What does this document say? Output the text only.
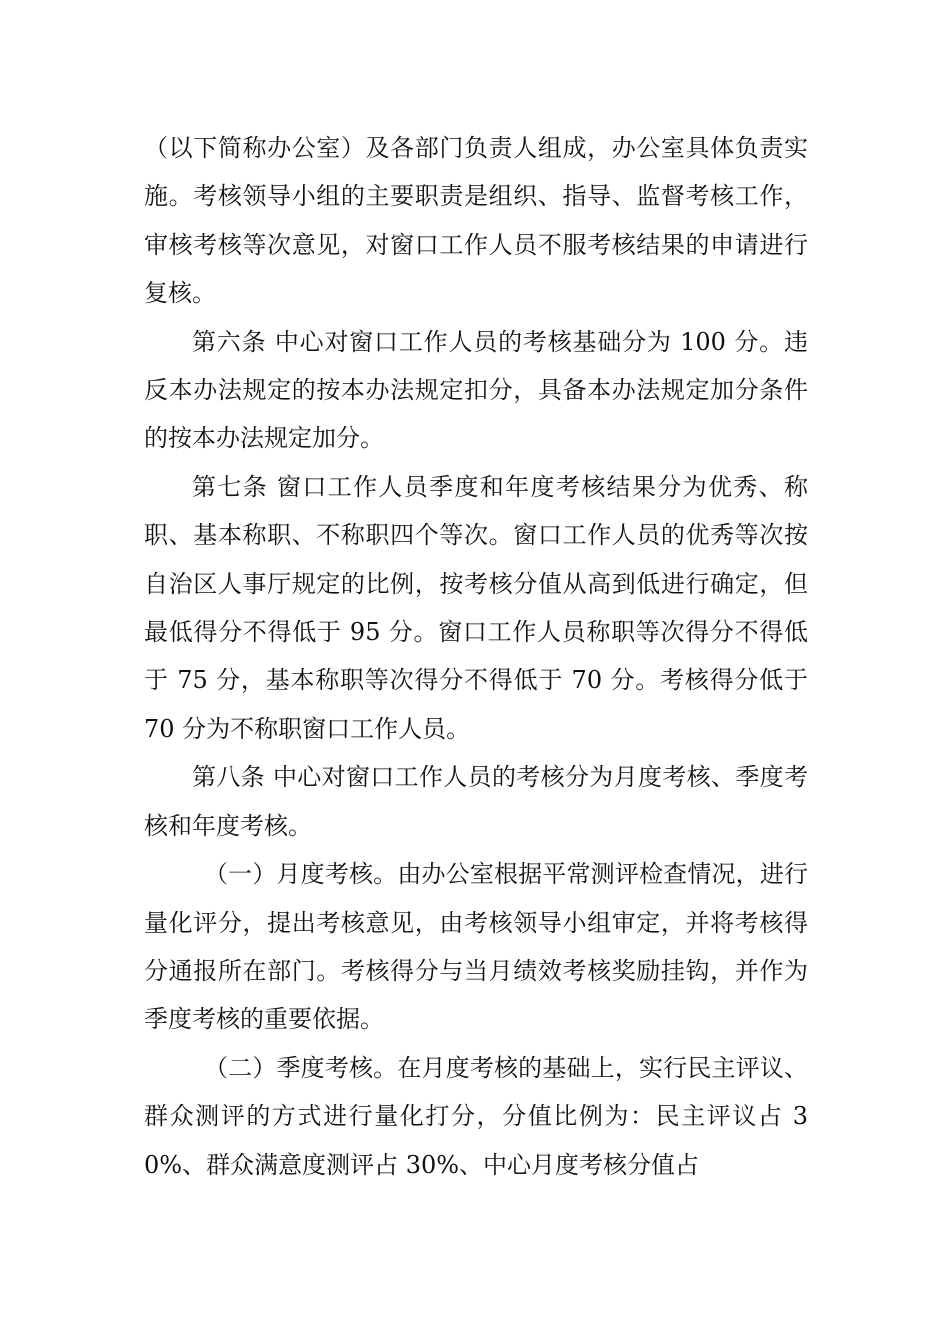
（以下简称办公室）及各部门负责人组成，办公室具体负责实施。考核领导小组的主要职责是组织、指导、监督考核工作，审核考核等次意见，对窗口工作人员不服考核结果的申请进行复核。

第六条 中心对窗口工作人员的考核基础分为 100 分。违反本办法规定的按本办法规定扣分，具备本办法规定加分条件的按本办法规定加分。

第七条 窗口工作人员季度和年度考核结果分为优秀、称职、基本称职、不称职四个等次。窗口工作人员的优秀等次按自治区人事厅规定的比例，按考核分值从高到低进行确定，但最低得分不得低于 95 分。窗口工作人员称职等次得分不得低于 75 分，基本称职等次得分不得低于 70 分。考核得分低于 70 分为不称职窗口工作人员。

第八条 中心对窗口工作人员的考核分为月度考核、季度考核和年度考核。

（一）月度考核。由办公室根据平常测评检查情况，进行量化评分，提出考核意见，由考核领导小组审定，并将考核得分通报所在部门。考核得分与当月绩效考核奖励挂钩，并作为季度考核的重要依据。

（二）季度考核。在月度考核的基础上，实行民主评议、群众测评的方式进行量化打分，分值比例为：民主评议占 30%、群众满意度测评占 30%、中心月度考核分值占
